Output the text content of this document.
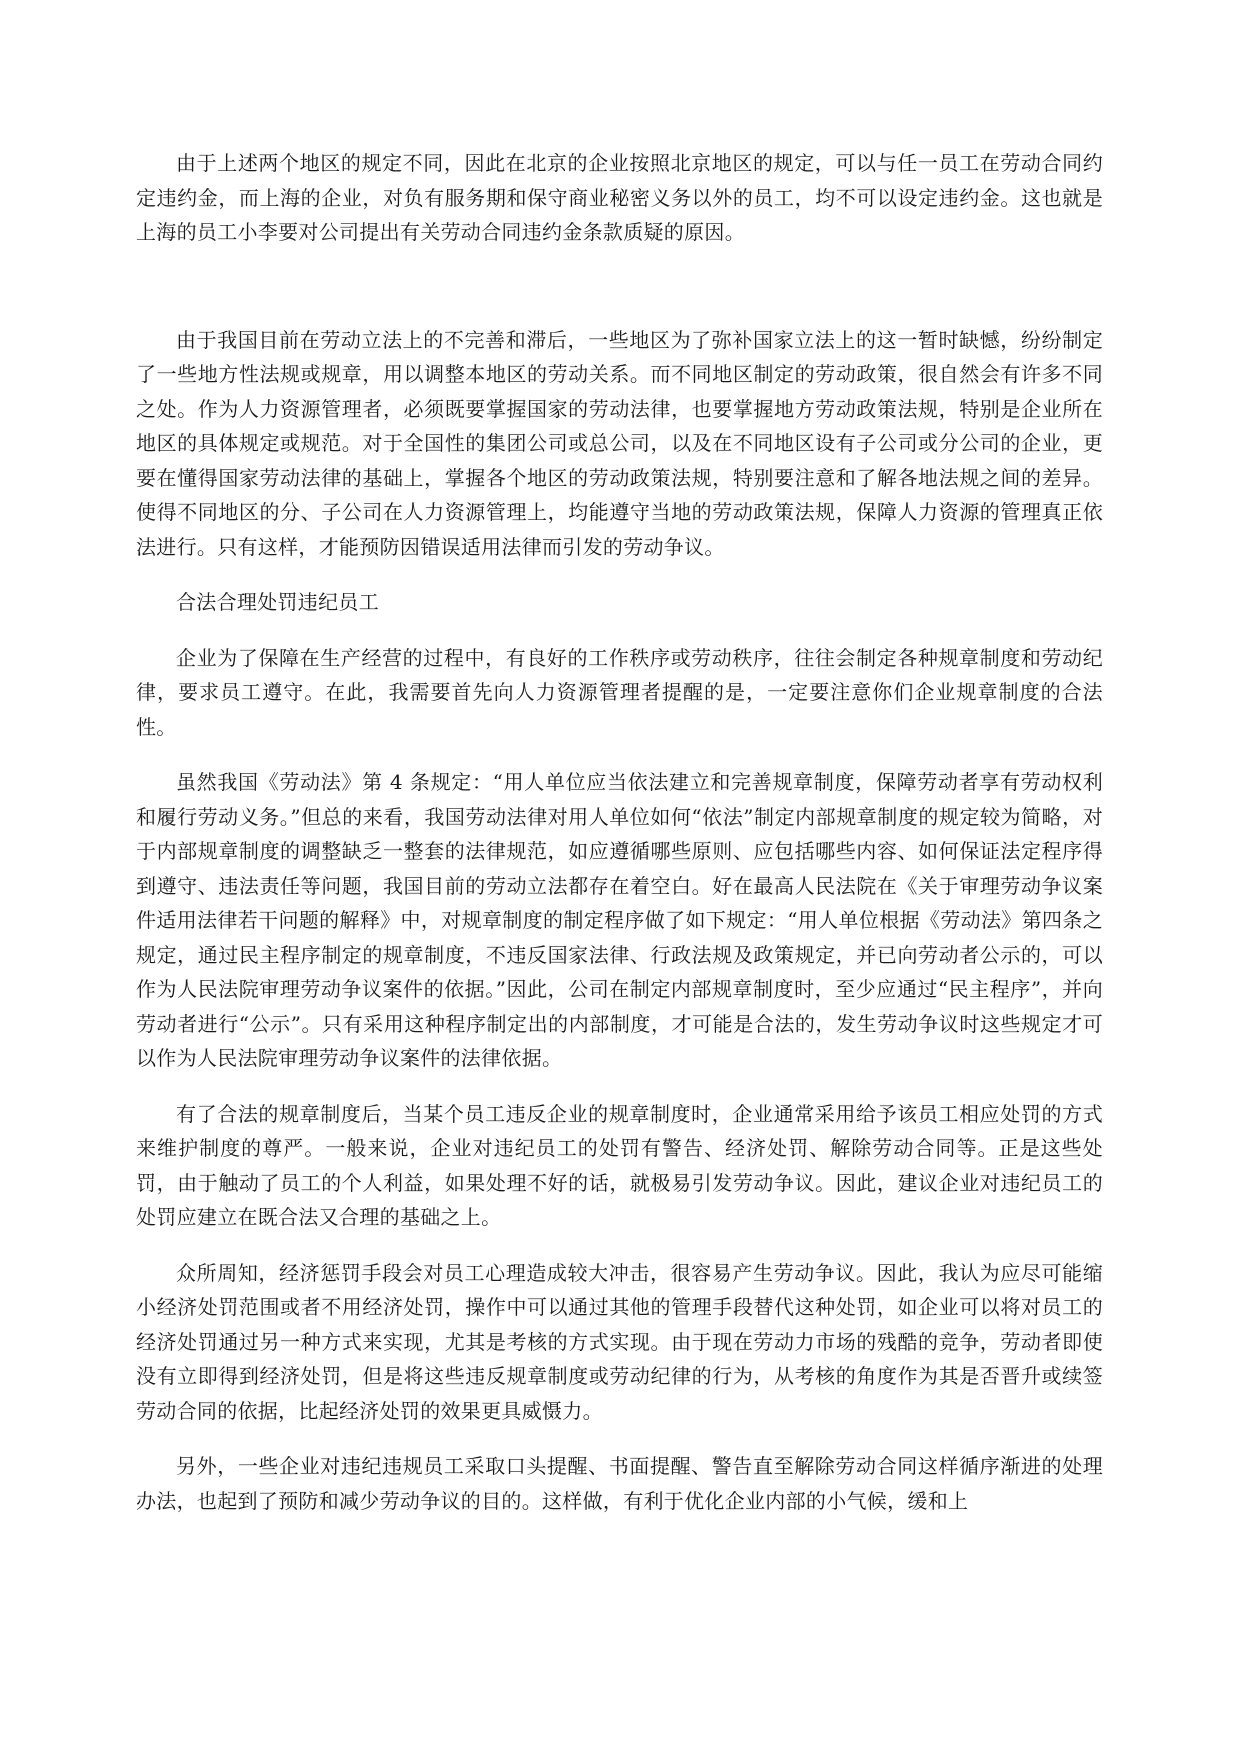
由于上述两个地区的规定不同，因此在北京的企业按照北京地区的规定，可以与任一员工在劳动合同约定违约金，而上海的企业，对负有服务期和保守商业秘密义务以外的员工，均不可以设定违约金。这也就是上海的员工小李要对公司提出有关劳动合同违约金条款质疑的原因。

由于我国目前在劳动立法上的不完善和滞后，一些地区为了弥补国家立法上的这一暂时缺憾，纷纷制定了一些地方性法规或规章，用以调整本地区的劳动关系。而不同地区制定的劳动政策，很自然会有许多不同之处。作为人力资源管理者，必须既要掌握国家的劳动法律，也要掌握地方劳动政策法规，特别是企业所在地区的具体规定或规范。对于全国性的集团公司或总公司，以及在不同地区设有子公司或分公司的企业，更要在懂得国家劳动法律的基础上，掌握各个地区的劳动政策法规，特别要注意和了解各地法规之间的差异。使得不同地区的分、子公司在人力资源管理上，均能遵守当地的劳动政策法规，保障人力资源的管理真正依法进行。只有这样，才能预防因错误适用法律而引发的劳动争议。

合法合理处罚违纪员工

企业为了保障在生产经营的过程中，有良好的工作秩序或劳动秩序，往往会制定各种规章制度和劳动纪律，要求员工遵守。在此，我需要首先向人力资源管理者提醒的是，一定要注意你们企业规章制度的合法性。

虽然我国《劳动法》第 4 条规定：“用人单位应当依法建立和完善规章制度，保障劳动者享有劳动权利和履行劳动义务。”但总的来看，我国劳动法律对用人单位如何“依法”制定内部规章制度的规定较为简略，对于内部规章制度的调整缺乏一整套的法律规范，如应遵循哪些原则、应包括哪些内容、如何保证法定程序得到遵守、违法责任等问题，我国目前的劳动立法都存在着空白。好在最高人民法院在《关于审理劳动争议案件适用法律若干问题的解释》中，对规章制度的制定程序做了如下规定：“用人单位根据《劳动法》第四条之规定，通过民主程序制定的规章制度，不违反国家法律、行政法规及政策规定，并已向劳动者公示的，可以作为人民法院审理劳动争议案件的依据。”因此，公司在制定内部规章制度时，至少应通过“民主程序”，并向劳动者进行“公示”。只有采用这种程序制定出的内部制度，才可能是合法的，发生劳动争议时这些规定才可以作为人民法院审理劳动争议案件的法律依据。

有了合法的规章制度后，当某个员工违反企业的规章制度时，企业通常采用给予该员工相应处罚的方式来维护制度的尊严。一般来说，企业对违纪员工的处罚有警告、经济处罚、解除劳动合同等。正是这些处罚，由于触动了员工的个人利益，如果处理不好的话，就极易引发劳动争议。因此，建议企业对违纪员工的处罚应建立在既合法又合理的基础之上。

众所周知，经济惩罚手段会对员工心理造成较大冲击，很容易产生劳动争议。因此，我认为应尽可能缩小经济处罚范围或者不用经济处罚，操作中可以通过其他的管理手段替代这种处罚，如企业可以将对员工的经济处罚通过另一种方式来实现，尤其是考核的方式实现。由于现在劳动力市场的残酷的竞争，劳动者即使没有立即得到经济处罚，但是将这些违反规章制度或劳动纪律的行为，从考核的角度作为其是否晋升或续签劳动合同的依据，比起经济处罚的效果更具威慑力。

另外，一些企业对违纪违规员工采取口头提醒、书面提醒、警告直至解除劳动合同这样循序渐进的处理办法，也起到了预防和减少劳动争议的目的。这样做，有利于优化企业内部的小气候，缓和上
